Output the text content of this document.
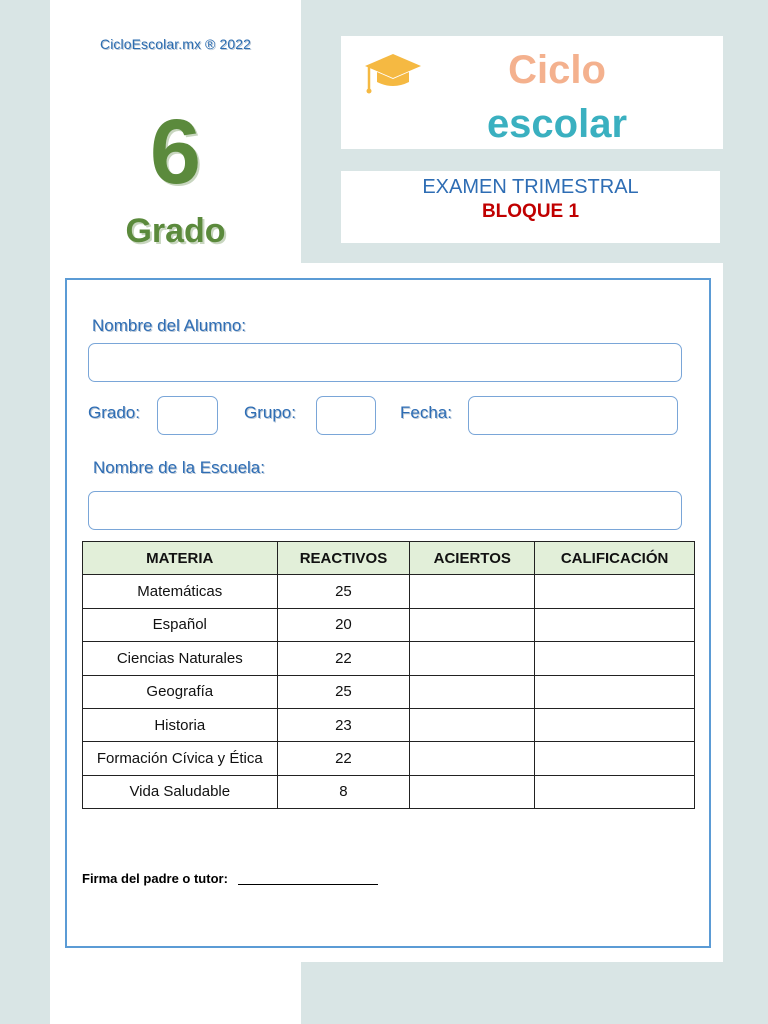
CicloEscolar.mx ® 2022
6
Grado
Ciclo
escolar
EXAMEN TRIMESTRAL
BLOQUE 1
Nombre del Alumno:
Grado:	Grupo:	Fecha:
Nombre de la Escuela:
MATERIA	REACTIVOS	ACIERTOS	CALIFICACIÓN
Matemáticas	25		
Español	20		
Ciencias Naturales	22		
Geografía	25		
Historia	23		
Formación Cívica y Ética	22		
Vida Saludable	8		
Firma del padre o tutor:
